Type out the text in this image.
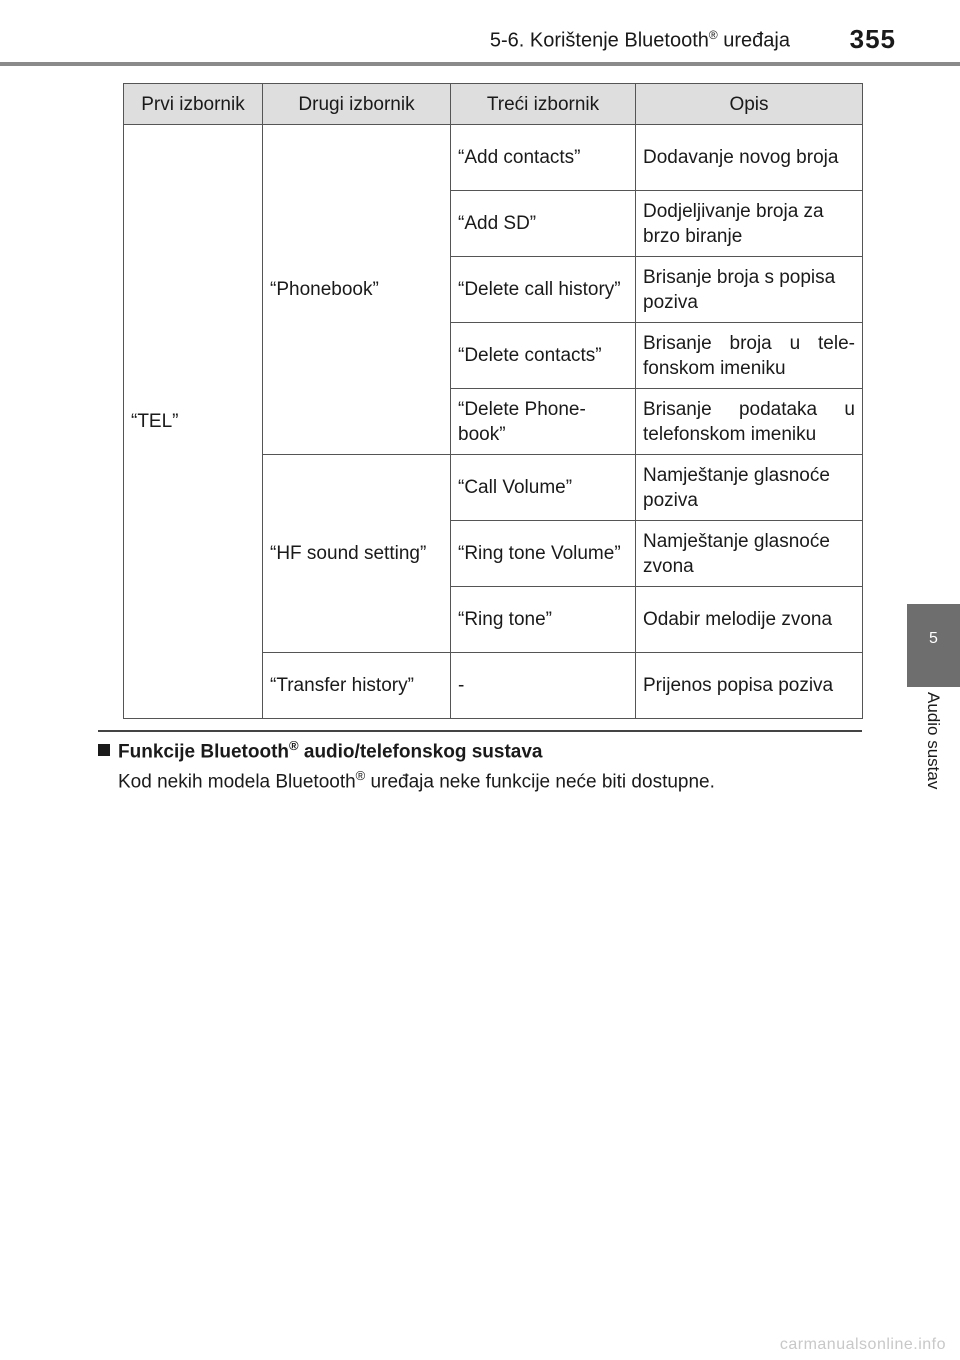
5-6. Korištenje Bluetooth® uređaja 355
5
Audio sustav
Prvi izbornik	Drugi izbornik	Treći izbornik	Opis
“TEL”	“Phonebook”	“Add contacts”	Dodavanje novog broja
		“Add SD”	Dodjeljivanje broja za brzo biranje
		“Delete call history”	Brisanje broja s popisa poziva
		“Delete contacts”	Brisanje broja u tele-fonskom imeniku
		“Delete Phone-book”	Brisanje podataka u telefonskom imeniku
	“HF sound setting”	“Call Volume”	Namještanje glasnoće poziva
		“Ring tone Volume”	Namještanje glasnoće zvona
		“Ring tone”	Odabir melodije zvona
	“Transfer history”	-	Prijenos popisa poziva
Funkcije Bluetooth® audio/telefonskog sustava
Kod nekih modela Bluetooth® uređaja neke funkcije neće biti dostupne.
carmanualsonline.info
